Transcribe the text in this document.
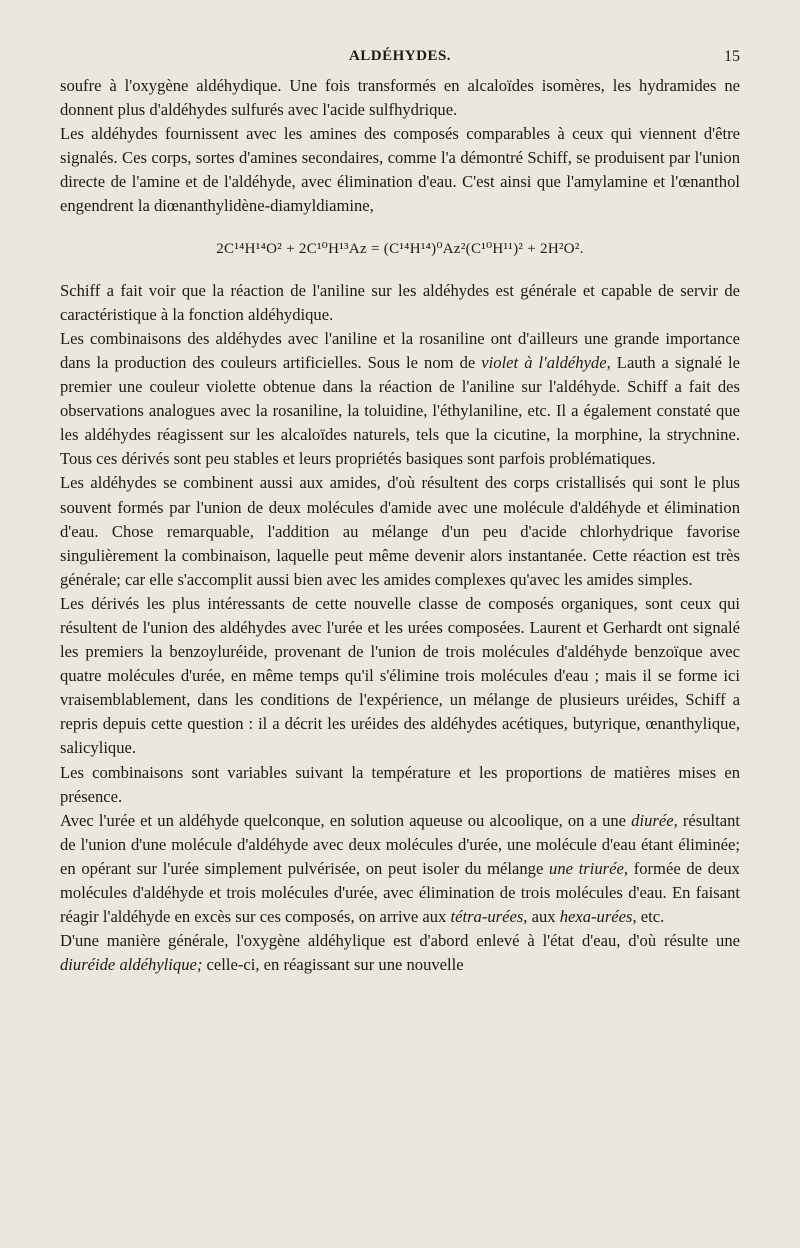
ALDÉHYDES.	15

soufre à l'oxygène aldéhydique. Une fois transformés en alcaloïdes isomères, les hydramides ne donnent plus d'aldéhydes sulfurés avec l'acide sulfhydrique.

Les aldéhydes fournissent avec les amines des composés comparables à ceux qui viennent d'être signalés. Ces corps, sortes d'amines secondaires, comme l'a démontré Schiff, se produisent par l'union directe de l'amine et de l'aldéhyde, avec élimination d'eau. C'est ainsi que l'amylamine et l'œnanthol engendrent la diœnanthylidène-diamyldiamine,

2C¹⁴H¹⁴O² + 2C¹⁰H¹³Az = (C¹⁴H¹⁴)⁰Az²(C¹⁰H¹¹)² + 2H²O².

Schiff a fait voir que la réaction de l'aniline sur les aldéhydes est générale et capable de servir de caractéristique à la fonction aldéhydique.

Les combinaisons des aldéhydes avec l'aniline et la rosaniline ont d'ailleurs une grande importance dans la production des couleurs artificielles. Sous le nom de violet à l'aldéhyde, Lauth a signalé le premier une couleur violette obtenue dans la réaction de l'aniline sur l'aldéhyde. Schiff a fait des observations analogues avec la rosaniline, la toluidine, l'éthylaniline, etc. Il a également constaté que les aldéhydes réagissent sur les alcaloïdes naturels, tels que la cicutine, la morphine, la strychnine. Tous ces dérivés sont peu stables et leurs propriétés basiques sont parfois problématiques.

Les aldéhydes se combinent aussi aux amides, d'où résultent des corps cristallisés qui sont le plus souvent formés par l'union de deux molécules d'amide avec une molécule d'aldéhyde et élimination d'eau. Chose remarquable, l'addition au mélange d'un peu d'acide chlorhydrique favorise singulièrement la combinaison, laquelle peut même devenir alors instantanée. Cette réaction est très générale; car elle s'accomplit aussi bien avec les amides complexes qu'avec les amides simples.

Les dérivés les plus intéressants de cette nouvelle classe de composés organiques, sont ceux qui résultent de l'union des aldéhydes avec l'urée et les urées composées. Laurent et Gerhardt ont signalé les premiers la benzoyluréide, provenant de l'union de trois molécules d'aldéhyde benzoïque avec quatre molécules d'urée, en même temps qu'il s'élimine trois molécules d'eau ; mais il se forme ici vraisemblablement, dans les conditions de l'expérience, un mélange de plusieurs uréides, Schiff a repris depuis cette question : il a décrit les uréides des aldéhydes acétiques, butyrique, œnanthylique, salicylique.

Les combinaisons sont variables suivant la température et les proportions de matières mises en présence.

Avec l'urée et un aldéhyde quelconque, en solution aqueuse ou alcoolique, on a une diurée, résultant de l'union d'une molécule d'aldéhyde avec deux molécules d'urée, une molécule d'eau étant éliminée; en opérant sur l'urée simplement pulvérisée, on peut isoler du mélange une triurée, formée de deux molécules d'aldéhyde et trois molécules d'urée, avec élimination de trois molécules d'eau. En faisant réagir l'aldéhyde en excès sur ces composés, on arrive aux tétra-urées, aux hexa-urées, etc.

D'une manière générale, l'oxygène aldéhylique est d'abord enlevé à l'état d'eau, d'où résulte une diuréide aldéhylique; celle-ci, en réagissant sur une nouvelle
